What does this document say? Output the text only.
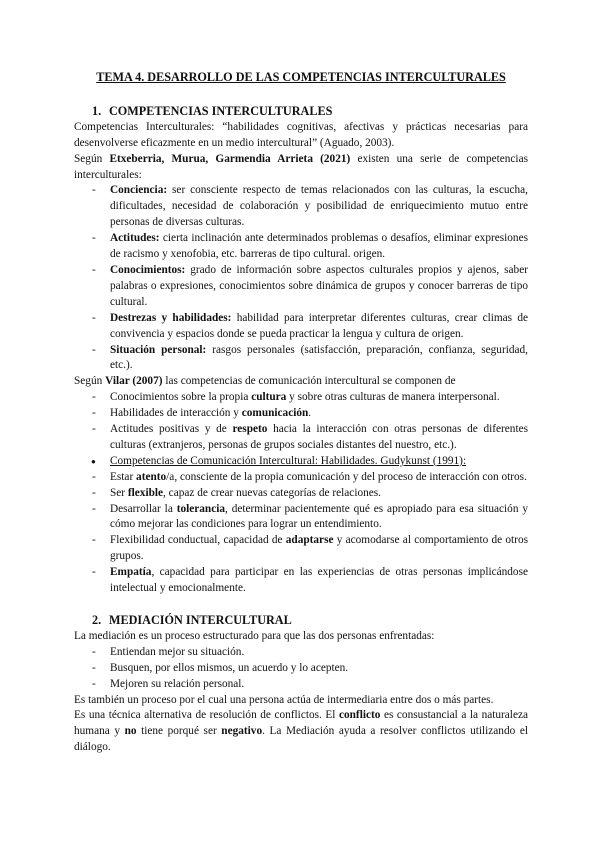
TEMA 4. DESARROLLO DE LAS COMPETENCIAS INTERCULTURALES

1. COMPETENCIAS INTERCULTURALES

Competencias Interculturales: “habilidades cognitivas, afectivas y prácticas necesarias para desenvolverse eficazmente en un medio intercultural” (Aguado, 2003).

Según Etxeberria, Murua, Garmendia Arrieta (2021) existen una serie de competencias interculturales:

- Conciencia: ser consciente respecto de temas relacionados con las culturas, la escucha, dificultades, necesidad de colaboración y posibilidad de enriquecimiento mutuo entre personas de diversas culturas.
- Actitudes: cierta inclinación ante determinados problemas o desafíos, eliminar expresiones de racismo y xenofobia, etc. barreras de tipo cultural. origen.
- Conocimientos: grado de información sobre aspectos culturales propios y ajenos, saber palabras o expresiones, conocimientos sobre dinámica de grupos y conocer barreras de tipo cultural.
- Destrezas y habilidades: habilidad para interpretar diferentes culturas, crear climas de convivencia y espacios donde se pueda practicar la lengua y cultura de origen.
- Situación personal: rasgos personales (satisfacción, preparación, confianza, seguridad, etc.).

Según Vilar (2007) las competencias de comunicación intercultural se componen de

- Conocimientos sobre la propia cultura y sobre otras culturas de manera interpersonal.
- Habilidades de interacción y comunicación.
- Actitudes positivas y de respeto hacia la interacción con otras personas de diferentes culturas (extranjeros, personas de grupos sociales distantes del nuestro, etc.).
● Competencias de Comunicación Intercultural: Habilidades. Gudykunst (1991):
- Estar atento/a, consciente de la propia comunicación y del proceso de interacción con otros.
- Ser flexible, capaz de crear nuevas categorías de relaciones.
- Desarrollar la tolerancia, determinar pacientemente qué es apropiado para esa situación y cómo mejorar las condiciones para lograr un entendimiento.
- Flexibilidad conductual, capacidad de adaptarse y acomodarse al comportamiento de otros grupos.
- Empatía, capacidad para participar en las experiencias de otras personas implicándose intelectual y emocionalmente.

2. MEDIACIÓN INTERCULTURAL

La mediación es un proceso estructurado para que las dos personas enfrentadas:

- Entiendan mejor su situación.
- Busquen, por ellos mismos, un acuerdo y lo acepten.
- Mejoren su relación personal.

Es también un proceso por el cual una persona actúa de intermediaria entre dos o más partes.

Es una técnica alternativa de resolución de conflictos. El conflicto es consustancial a la naturaleza humana y no tiene porqué ser negativo. La Mediación ayuda a resolver conflictos utilizando el diálogo.
